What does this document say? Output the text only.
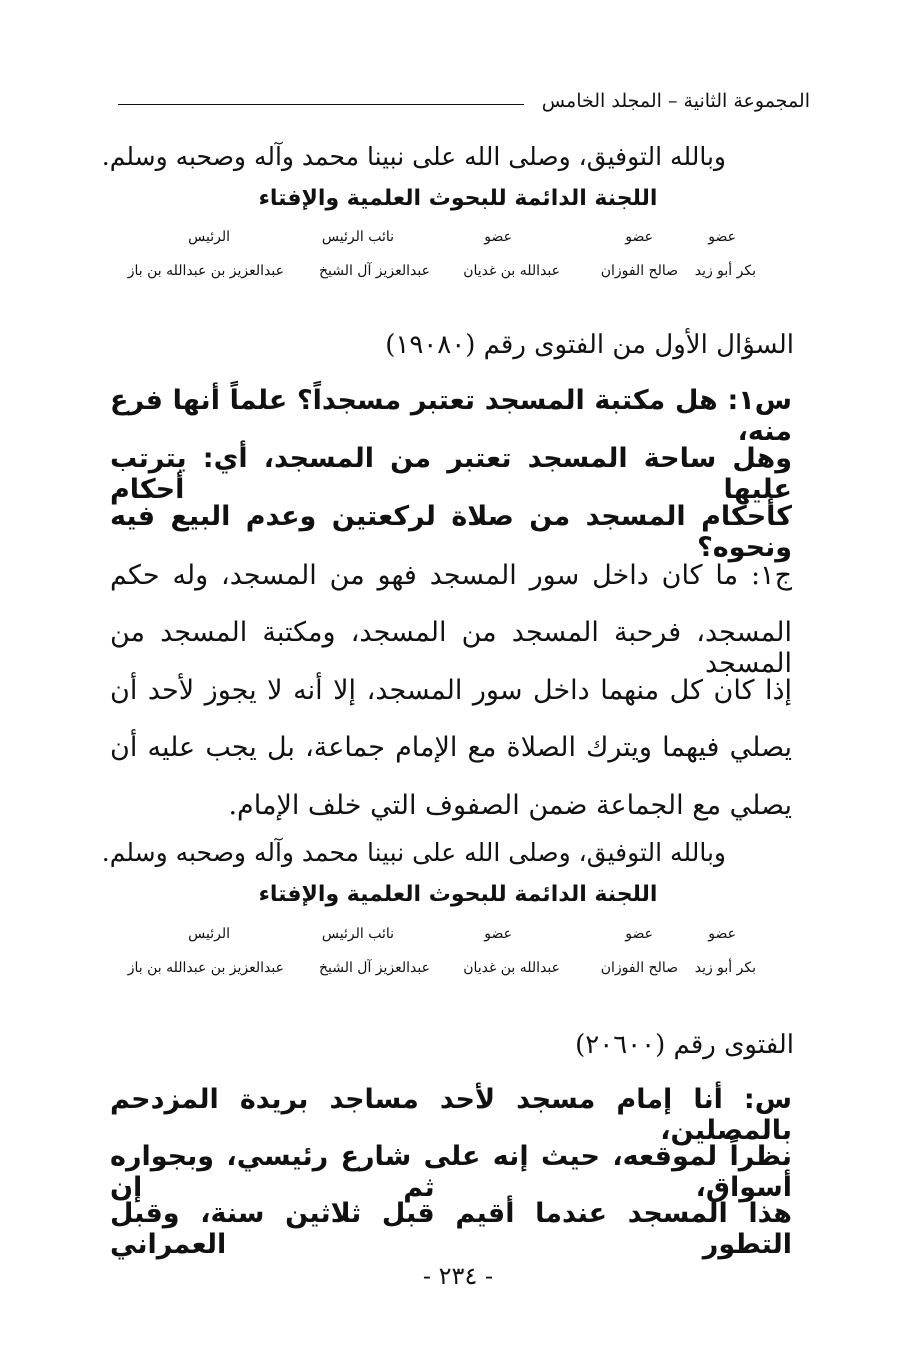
المجموعة الثانية – المجلد الخامس
وبالله التوفيق، وصلى الله على نبينا محمد وآله وصحبه وسلم.
اللجنة الدائمة للبحوث العلمية والإفتاء
عضو
عضو
عضو
نائب الرئيس
الرئيس
بكر أبو زيد
صالح الفوزان
عبدالله بن غديان
عبدالعزيز آل الشيخ
عبدالعزيز بن عبدالله بن باز
السؤال الأول من الفتوى رقم (١٩٠٨٠)
س١: هل مكتبة المسجد تعتبر مسجداً؟ علماً أنها فرع منه،
وهل ساحة المسجد تعتبر من المسجد، أي: يترتب عليها أحكام
كأحكام المسجد من صلاة لركعتين وعدم البيع فيه ونحوه؟
ج١: ما كان داخل سور المسجد فهو من المسجد، وله حكم
المسجد، فرحبة المسجد من المسجد، ومكتبة المسجد من المسجد
إذا كان كل منهما داخل سور المسجد، إلا أنه لا يجوز لأحد أن
يصلي فيهما ويترك الصلاة مع الإمام جماعة، بل يجب عليه أن
يصلي مع الجماعة ضمن الصفوف التي خلف الإمام.
وبالله التوفيق، وصلى الله على نبينا محمد وآله وصحبه وسلم.
اللجنة الدائمة للبحوث العلمية والإفتاء
عضو
عضو
عضو
نائب الرئيس
الرئيس
بكر أبو زيد
صالح الفوزان
عبدالله بن غديان
عبدالعزيز آل الشيخ
عبدالعزيز بن عبدالله بن باز
الفتوى رقم (٢٠٦٠٠)
س: أنا إمام مسجد لأحد مساجد بريدة المزدحم بالمصلين،
نظراً لموقعه، حيث إنه على شارع رئيسي، وبجواره أسواق، ثم إن
هذا المسجد عندما أقيم قبل ثلاثين سنة، وقبل التطور العمراني
- ٢٣٤ -
